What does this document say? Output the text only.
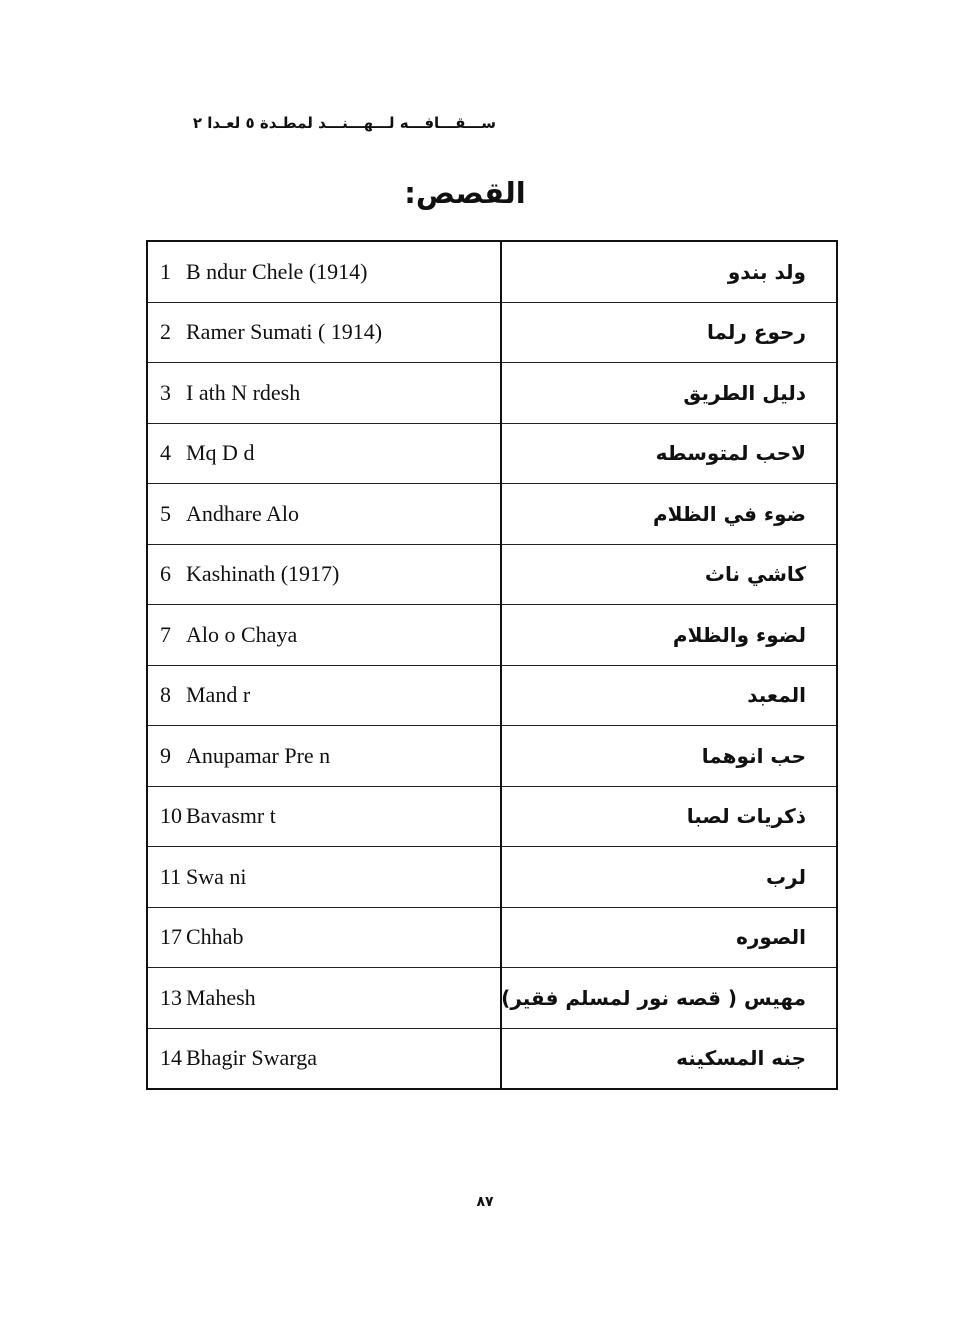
ســـقـــافـــه لـــهـــنـــد لمطـدة ٥ لعـدا ٢
القصص:
1 B ndur Chele (1914)	ولد بندو
2 Ramer Sumati ( 1914)	رحوع رلما
3 I ath N rdesh	دليل الطريق
4 Mq D d	لاحب لمتوسطه
5 Andhare Alo	ضوء في الظلام
6 Kashinath (1917)	كاشي ناث
7 Alo o Chaya	لضوء والظلام
8 Mand r	المعبد
9 Anupamar Pre n	حب انوهما
10 Bavasmr t	ذكريات لصبا
11 Swa ni	لرب
17 Chhab	الصوره
13 Mahesh	مهيس ( قصه نور لمسلم فقير)
14 Bhagir Swarga	جنه المسكينه
٨٧
